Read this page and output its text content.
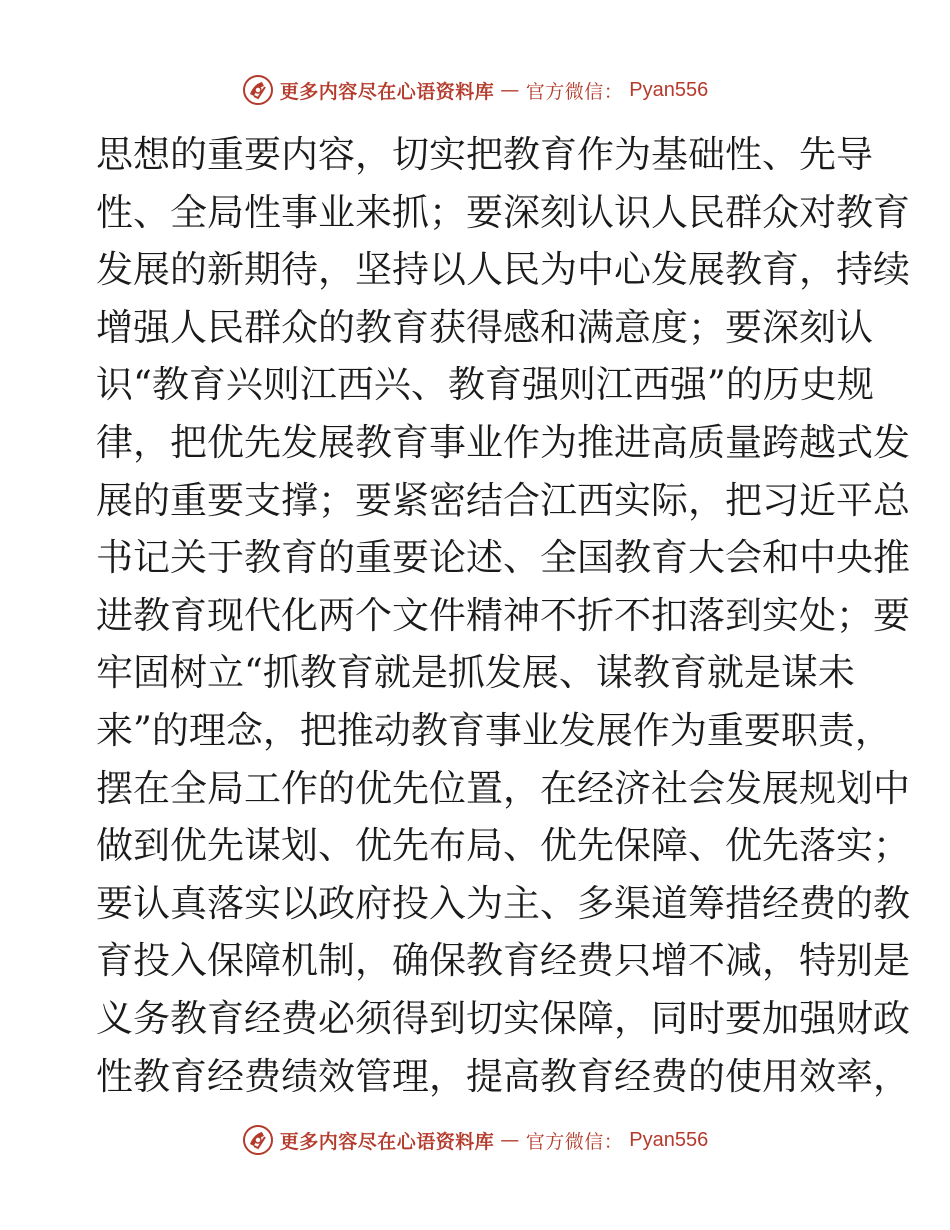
更多内容尽在心语资料库 — 官方微信： Pyan556
思想的重要内容，切实把教育作为基础性、先导
性、全局性事业来抓；要深刻认识人民群众对教育
发展的新期待，坚持以人民为中心发展教育，持续
增强人民群众的教育获得感和满意度；要深刻认
识“教育兴则江西兴、教育强则江西强”的历史规
律，把优先发展教育事业作为推进高质量跨越式发
展的重要支撑；要紧密结合江西实际，把习近平总
书记关于教育的重要论述、全国教育大会和中央推
进教育现代化两个文件精神不折不扣落到实处；要
牢固树立“抓教育就是抓发展、谋教育就是谋未
来”的理念，把推动教育事业发展作为重要职责，
摆在全局工作的优先位置，在经济社会发展规划中
做到优先谋划、优先布局、优先保障、优先落实；
要认真落实以政府投入为主、多渠道筹措经费的教
育投入保障机制，确保教育经费只增不减，特别是
义务教育经费必须得到切实保障，同时要加强财政
性教育经费绩效管理，提高教育经费的使用效率，
更多内容尽在心语资料库 — 官方微信： Pyan556
